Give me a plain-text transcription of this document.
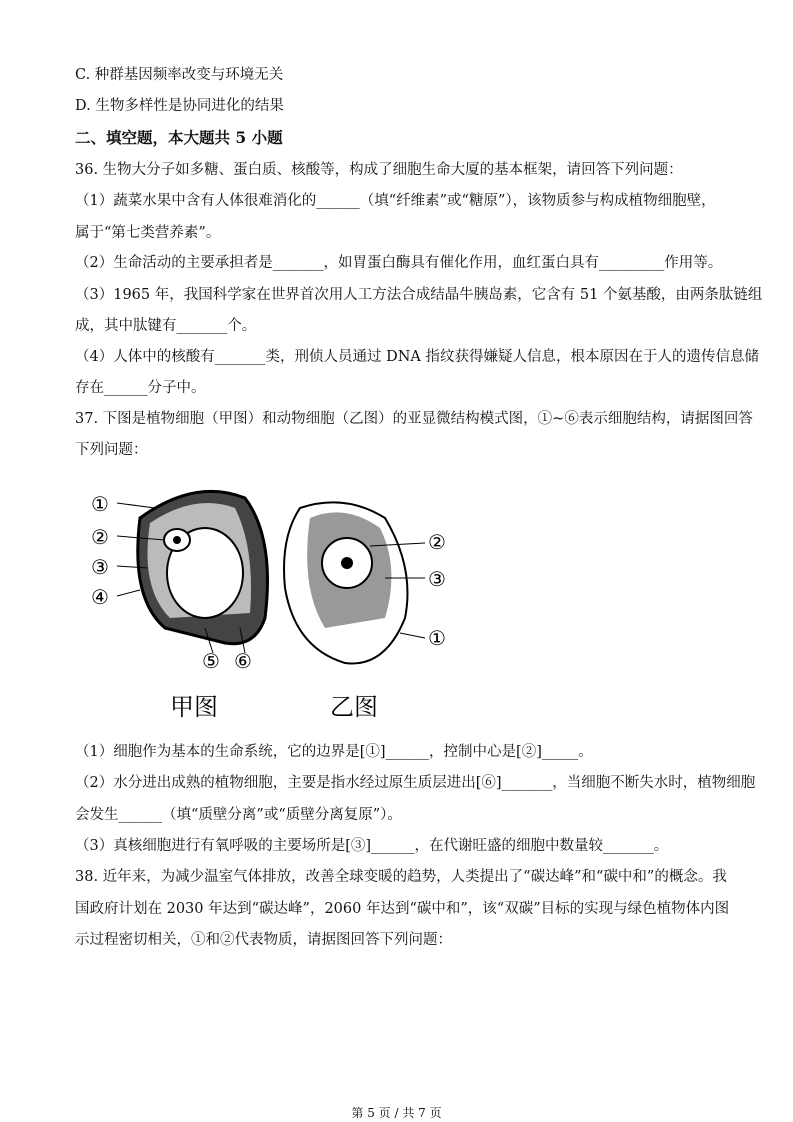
C. 种群基因频率改变与环境无关
D. 生物多样性是协同进化的结果
二、填空题，本大题共 5 小题
36. 生物大分子如多糖、蛋白质、核酸等，构成了细胞生命大厦的基本框架，请回答下列问题：
（1）蔬菜水果中含有人体很难消化的______（填“纤维素”或“糖原”），该物质参与构成植物细胞壁，
属于“第七类营养素”。
（2）生命活动的主要承担者是_______，如胃蛋白酶具有催化作用，血红蛋白具有_________作用等。
（3）1965 年，我国科学家在世界首次用人工方法合成结晶牛胰岛素，它含有 51 个氨基酸，由两条肽链组
成，其中肽键有_______个。
（4）人体中的核酸有_______类，刑侦人员通过 DNA 指纹获得嫌疑人信息，根本原因在于人的遗传信息储
存在______分子中。
37. 下图是植物细胞（甲图）和动物细胞（乙图）的亚显微结构模式图，①~⑥表示细胞结构，请据图回答
下列问题：
①
②
③
④
⑤ ⑥
②
③
①
甲图	乙图
（1）细胞作为基本的生命系统，它的边界是[①]______，控制中心是[②]_____。
（2）水分进出成熟的植物细胞，主要是指水经过原生质层进出[⑥]_______，当细胞不断失水时，植物细胞
会发生______（填“质壁分离”或“质壁分离复原”）。
（3）真核细胞进行有氧呼吸的主要场所是[③]______，在代谢旺盛的细胞中数量较_______。
38. 近年来，为减少温室气体排放，改善全球变暖的趋势，人类提出了“碳达峰”和“碳中和”的概念。我
国政府计划在 2030 年达到“碳达峰”，2060 年达到“碳中和”，该“双碳”目标的实现与绿色植物体内图
示过程密切相关，①和②代表物质，请据图回答下列问题：
第 5 页 / 共 7 页
